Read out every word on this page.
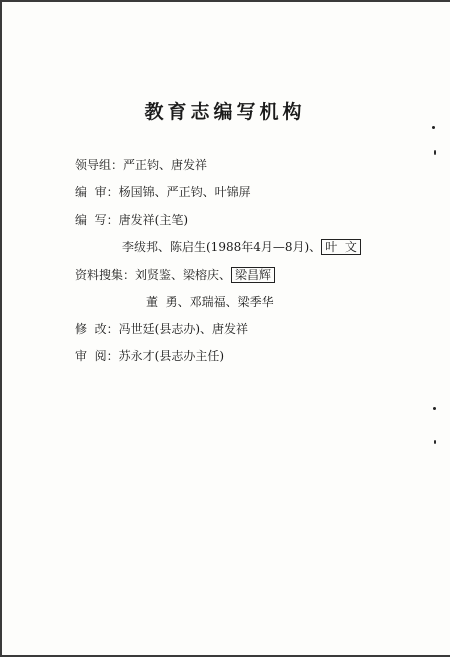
教育志编写机构
领导组：严正钧、唐发祥
编  审：杨国锦、严正钧、叶锦屏
编  写：唐发祥(主笔)
李绂邦、陈启生(1988年4月—8月)、 叶  文
资料搜集：刘贤鉴、梁榕庆、 梁昌辉
董  勇、邓瑞福、梁季华
修  改：冯世廷(县志办)、唐发祥
审  阅：苏永才(县志办主任)
